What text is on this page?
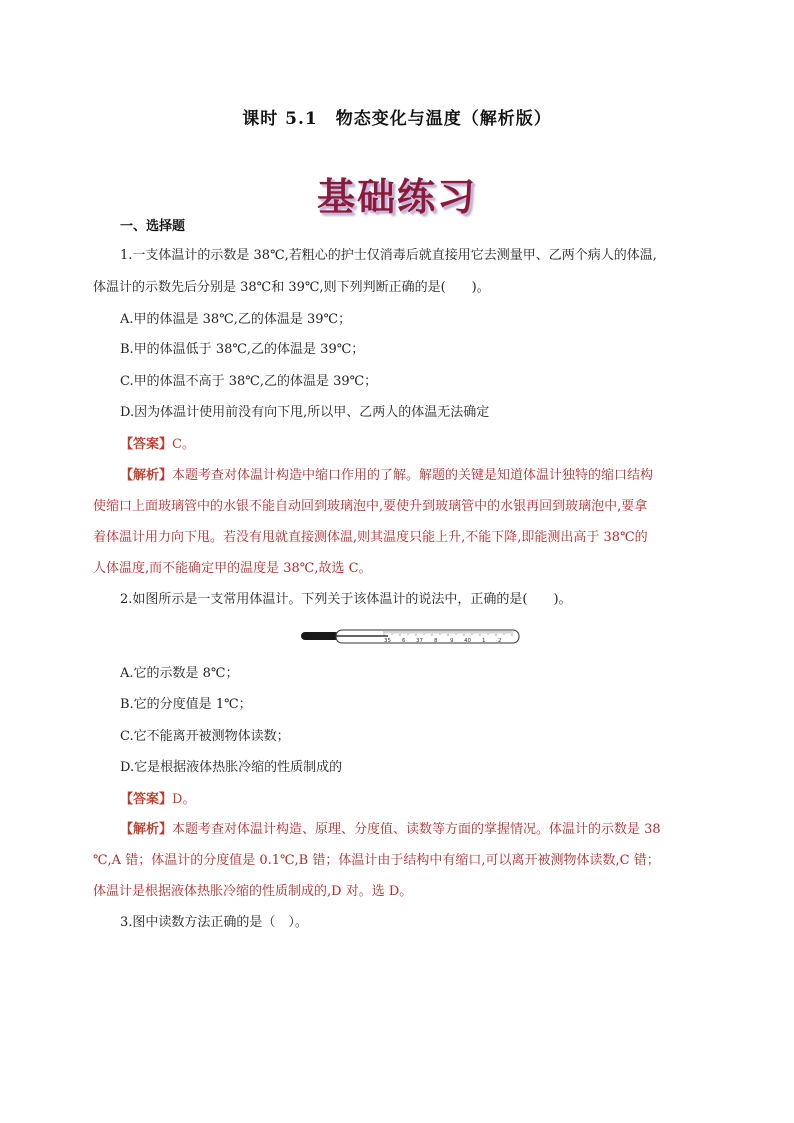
课时 5.1　物态变化与温度（解析版）
基础练习
一、选择题
1.一支体温计的示数是 38℃,若粗心的护士仅消毒后就直接用它去测量甲、乙两个病人的体温,
体温计的示数先后分别是 38℃和 39℃,则下列判断正确的是(　　)。
A.甲的体温是 38℃,乙的体温是 39℃；
B.甲的体温低于 38℃,乙的体温是 39℃；
C.甲的体温不高于 38℃,乙的体温是 39℃；
D.因为体温计使用前没有向下甩,所以甲、乙两人的体温无法确定
【答案】C。
【解析】本题考查对体温计构造中缩口作用的了解。解题的关键是知道体温计独特的缩口结构
使缩口上面玻璃管中的水银不能自动回到玻璃泡中,要使升到玻璃管中的水银再回到玻璃泡中,要拿
着体温计用力向下甩。若没有甩就直接测体温,则其温度只能上升,不能下降,即能测出高于 38℃的
人体温度,而不能确定甲的温度是 38℃,故选 C。
2.如图所示是一支常用体温计。下列关于该体温计的说法中，正确的是(　　)。
35 6 37 8 9 40 1 2
A.它的示数是 8℃；
B.它的分度值是 1℃；
C.它不能离开被测物体读数；
D.它是根据液体热胀冷缩的性质制成的
【答案】D。
【解析】本题考查对体温计构造、原理、分度值、读数等方面的掌握情况。体温计的示数是 38
℃,A 错；体温计的分度值是 0.1℃,B 错；体温计由于结构中有缩口,可以离开被测物体读数,C 错；
体温计是根据液体热胀冷缩的性质制成的,D 对。选 D。
3.图中读数方法正确的是（　）。
